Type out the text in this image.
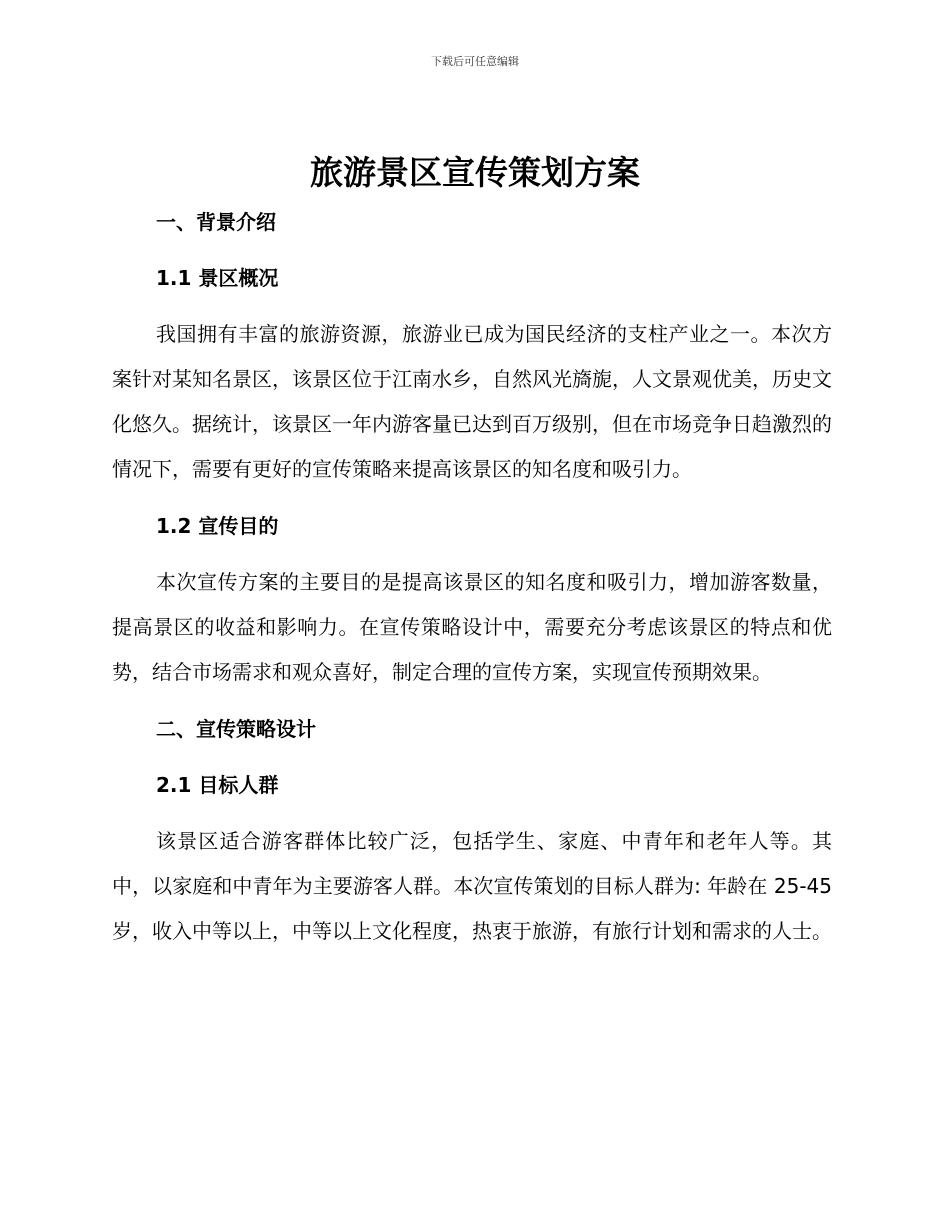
下载后可任意编辑
旅游景区宣传策划方案
一、背景介绍
1.1 景区概况

我国拥有丰富的旅游资源，旅游业已成为国民经济的支柱产业之一。本次方案针对某知名景区，该景区位于江南水乡，自然风光旖旎，人文景观优美，历史文化悠久。据统计，该景区一年内游客量已达到百万级别，但在市场竞争日趋激烈的情况下，需要有更好的宣传策略来提高该景区的知名度和吸引力。

1.2 宣传目的

本次宣传方案的主要目的是提高该景区的知名度和吸引力，增加游客数量，提高景区的收益和影响力。在宣传策略设计中，需要充分考虑该景区的特点和优势，结合市场需求和观众喜好，制定合理的宣传方案，实现宣传预期效果。

二、宣传策略设计
2.1 目标人群

该景区适合游客群体比较广泛，包括学生、家庭、中青年和老年人等。其中，以家庭和中青年为主要游客人群。本次宣传策划的目标人群为: 年龄在 25-45 岁，收入中等以上，中等以上文化程度，热衷于旅游，有旅行计划和需求的人士。
